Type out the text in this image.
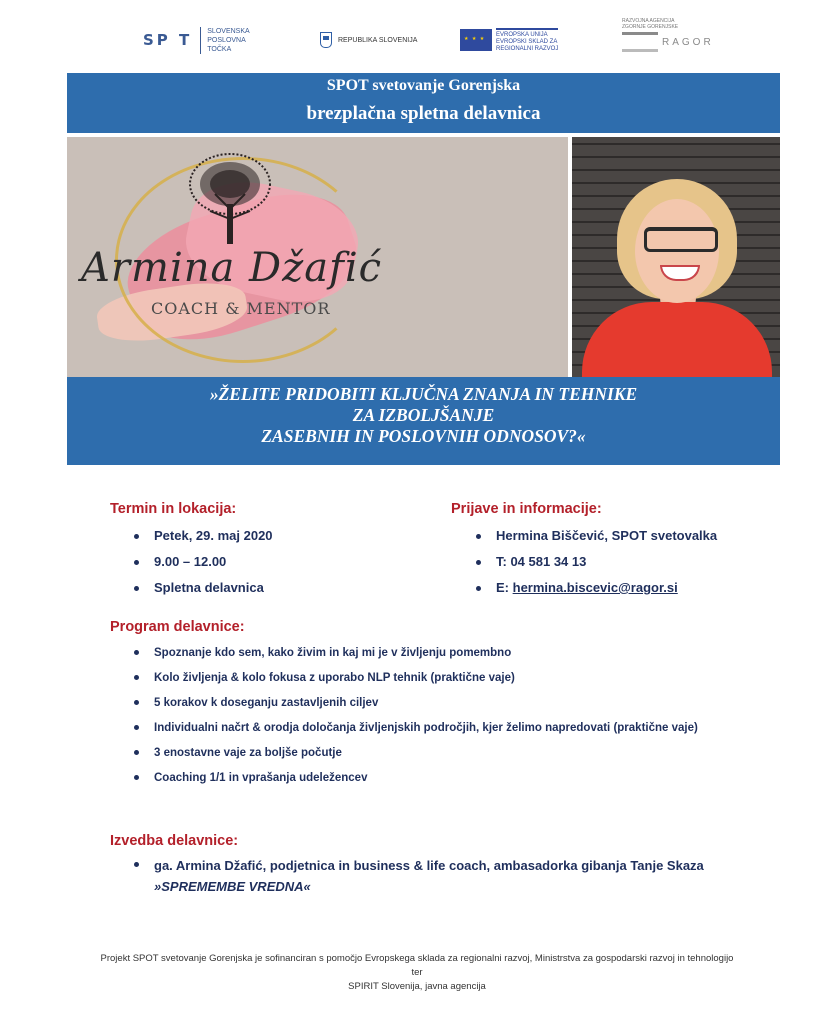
SP T SLOVENSKA
POSLOVNA
TOČKA
REPUBLIKA SLOVENIJA
★ ★ ★
EVROPSKA UNIJA
EVROPSKI SKLAD ZA
REGIONALNI RAZVOJ
RAZVOJNA AGENCIJA
ZGORNJE GORENJSKE
RAGOR
SPOT svetovanje Gorenjska
brezplačna spletna delavnica
Armina Džafić
COACH & MENTOR
»ŽELITE PRIDOBITI KLJUČNA ZNANJA IN TEHNIKE
ZA IZBOLJŠANJE
ZASEBNIH IN POSLOVNIH ODNOSOV?«
Termin in lokacija:
Petek, 29. maj 2020
9.00 – 12.00
Spletna delavnica
Prijave in informacije:
Hermina Biščević, SPOT svetovalka
T: 04 581 34 13
E: hermina.biscevic@ragor.si
Program delavnice:
Spoznanje kdo sem, kako živim in kaj mi je v življenju pomembno
Kolo življenja & kolo fokusa z uporabo NLP tehnik (praktične vaje)
5 korakov k doseganju zastavljenih ciljev
Individualni načrt & orodja določanja življenjskih področjih, kjer želimo napredovati (praktične vaje)
3 enostavne vaje za boljše počutje
Coaching 1/1 in vprašanja udeležencev
Izvedba delavnice:
ga. Armina Džafić, podjetnica in business & life coach, ambasadorka gibanja Tanje Skaza »SPREMEMBE VREDNA«
Projekt SPOT svetovanje Gorenjska je sofinanciran s pomočjo Evropskega sklada za regionalni razvoj, Ministrstva za gospodarski razvoj in tehnologijo ter
SPIRIT Slovenija, javna agencija
